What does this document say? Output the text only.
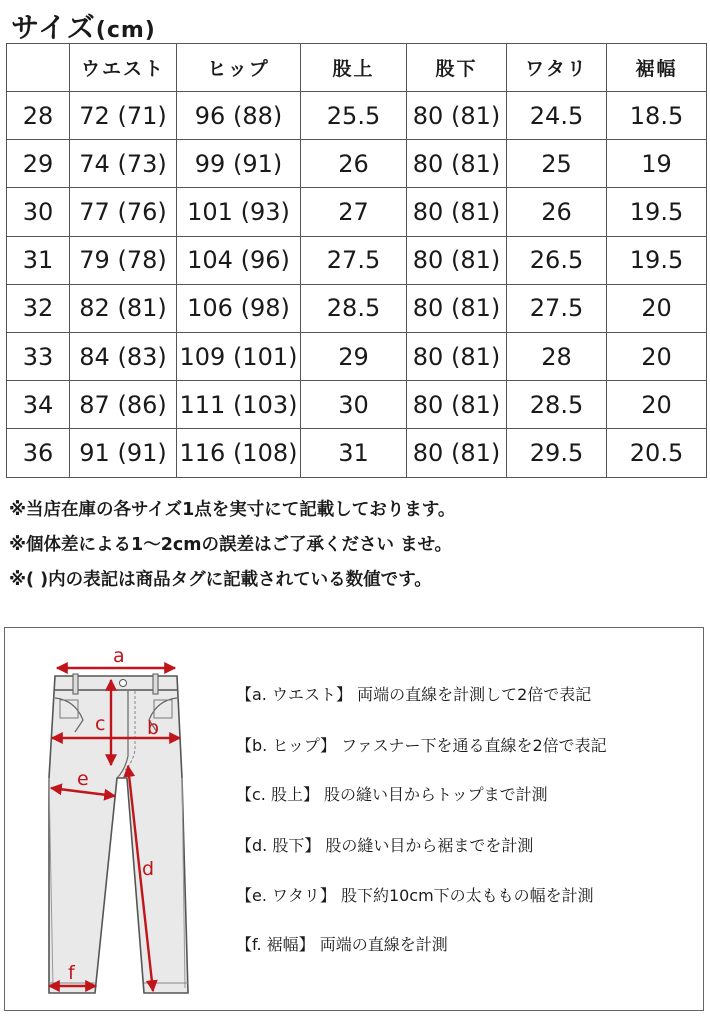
サイズ(cm)
	ウエスト	ヒップ	股上	股下	ワタリ	裾幅
28	72 (71)	96 (88)	25.5	80 (81)	24.5	18.5
29	74 (73)	99 (91)	26	80 (81)	25	19
30	77 (76)	101 (93)	27	80 (81)	26	19.5
31	79 (78)	104 (96)	27.5	80 (81)	26.5	19.5
32	82 (81)	106 (98)	28.5	80 (81)	27.5	20
33	84 (83)	109 (101)	29	80 (81)	28	20
34	87 (86)	111 (103)	30	80 (81)	28.5	20
36	91 (91)	116 (108)	31	80 (81)	29.5	20.5
※当店在庫の各サイズ1点を実寸にて記載しております。
※個体差による1〜2cmの誤差はご了承ください ませ。
※( )内の表記は商品タグに記載されている数値です。
a
b
c
d
e
f
【a. ウエスト】 両端の直線を計測して2倍で表記
【b. ヒップ】 ファスナー下を通る直線を2倍で表記
【c. 股上】 股の縫い目からトップまで計測
【d. 股下】 股の縫い目から裾までを計測
【e. ワタリ】 股下約10cm下の太ももの幅を計測
【f. 裾幅】 両端の直線を計測
